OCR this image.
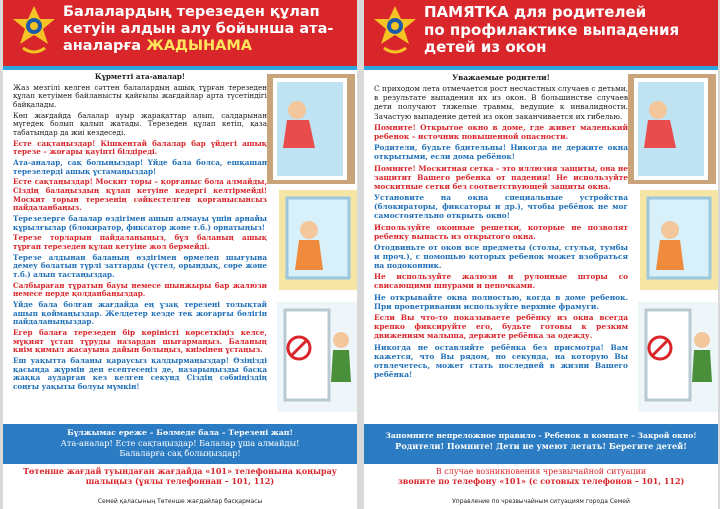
Балалардың терезеден құлап
кетуін алдын алу бойынша ата-
аналарға ЖАДЫНАМА

Құрметті ата-аналар!

Жаз мезгілі келген сәттен балалардың ашық тұрған терезеден құлап кетуімен байланысты қайғылы жағдайлар арта түсетіндігі байқалады.

Көп жағдайда балалар ауыр жарақаттар алып, салдарынан мүгедек болып қалып жатады. Терезеден құлап кетіп, қаза табатындар да жиі кездеседі.

Есте сақтаңыздар! Кішкентай балалар бар үйдегі ашық терезе – жоғары қауіпті білдіреді.

Ата-аналар, сақ болыңыздар! Үйде бала болса, ешқашан терезелерді ашық ұстамаңыздар!

Есте сақтаңыздар! Москит торы – қорғаныс бола алмайды, Сіздің балаңыздың құлап кетуіне кедергі келтірмейді! Москит торын терезенің сәйкестелген қорғанысынсыз пайдаланбаңыз.

Терезелерге балалар өздігімен ашып алмауы үшін арнайы құрылғылар (блокиратор, фиксатор және т.б.) орнатыңыз!

Терезе торларын пайдаланыңыз, бұл баланың ашық тұрған терезеден құлап кетуіне жол бермейді.

Терезе алдынан баланың өздігімен өрмелеп шығуына демеу болатын түрлі заттарды (үстел, орындық, сөре және т.б.) алып тастаңыздар.

Салбыраған тұратын бауы немесе шынжыры бар жалюзи немесе перде қолданбаңыздар.

Үйде бала болған жағдайда ең ұзақ терезені толықтай ашып қоймаңыздар. Желдетер кезде тек жоғарғы бөлігін пайдаланыңыздар.

Егер балаға терезеден бір көріністі көрсеткіңіз келсе, мұқият ұстап тұруды назардан шығармаңыз. Баланың киім қимыл жасауына дайын болыңыз, киімінен ұстаңыз.

Еш уақытта баланы қараусыз қалдырмаңыздар! Өзіңізді қасыңда жүрмін деп есептесеңіз де, назарыңызды басқа жаққа аударған кез келген секунд Сіздің сәбиіңіздің соңғы уақыты болуы мүмкін!

Бұлжымас ереже – Бөлмеде бала – Терезені жап!
Ата-аналар! Есте сақтаңыздар! Балалар ұша алмайды!
Балаларға сақ болыңыздар!
Төтенше жағдай туындаған жағдайда «101» телефонына қоңырау
шалыңыз (ұялы телефоннан – 101, 112)
Семей қаласының Төтенше жағдайлар басқармасы
ПАМЯТКА для родителей
по профилактике выпадения
детей из окон

Уважаемые родители!

С приходом лета отмечается рост несчастных случаев с детьми, в результате выпадения их из окон. В большинстве случаев дети получают тяжелые травмы, ведущие к инвалидности. Зачастую выпадение детей из окон заканчивается их гибелью.

Помните! Открытое окно в доме, где живет маленький ребенок – источник повышенной опасности.

Родители, будьте бдительны! Никогда не держите окна открытыми, если дома ребёнок!

Помните! Москитная сетка - это иллюзия защиты, она не защитит Вашего ребенка от падения! Не используйте москитные сетки без соответствующей защиты окна.

Установите на окна специальные устройства (блокираторы, фиксаторы и др.), чтобы ребёнок не мог самостоятельно открыть окно!

Используйте оконные решетки, которые не позволят ребенку выпасть из открытого окна.

Отодвиньте от окон все предметы (столы, стулья, тумбы и проч.), с помощью которых ребенок может взобраться на подоконник.

Не используйте жалюзи и рулонные шторы со свисающими шнурами и цепочками.

Не открывайте окна полностью, когда в доме ребенок. При проветривании используйте верхние фрамуги.

Если Вы что-то показываете ребёнку из окна всегда крепко фиксируйте его, будьте готовы к резким движениям малыша, держите ребёнка за одежду.

Никогда не оставляйте ребёнка без присмотра! Вам кажется, что Вы рядом, но секунда, на которую Вы отвлечетесь, может стать последней в жизни Вашего ребёнка!

Запомните непреложное правило - Ребенок в комнате – Закрой окно!
Родители! Помните! Дети не умеют летать! Берегите детей!
В случае возникновения чрезвычайной ситуации
звоните по телефону «101» (с сотовых телефонов – 101, 112)
Управление по чрезвычайным ситуациям города Семей
